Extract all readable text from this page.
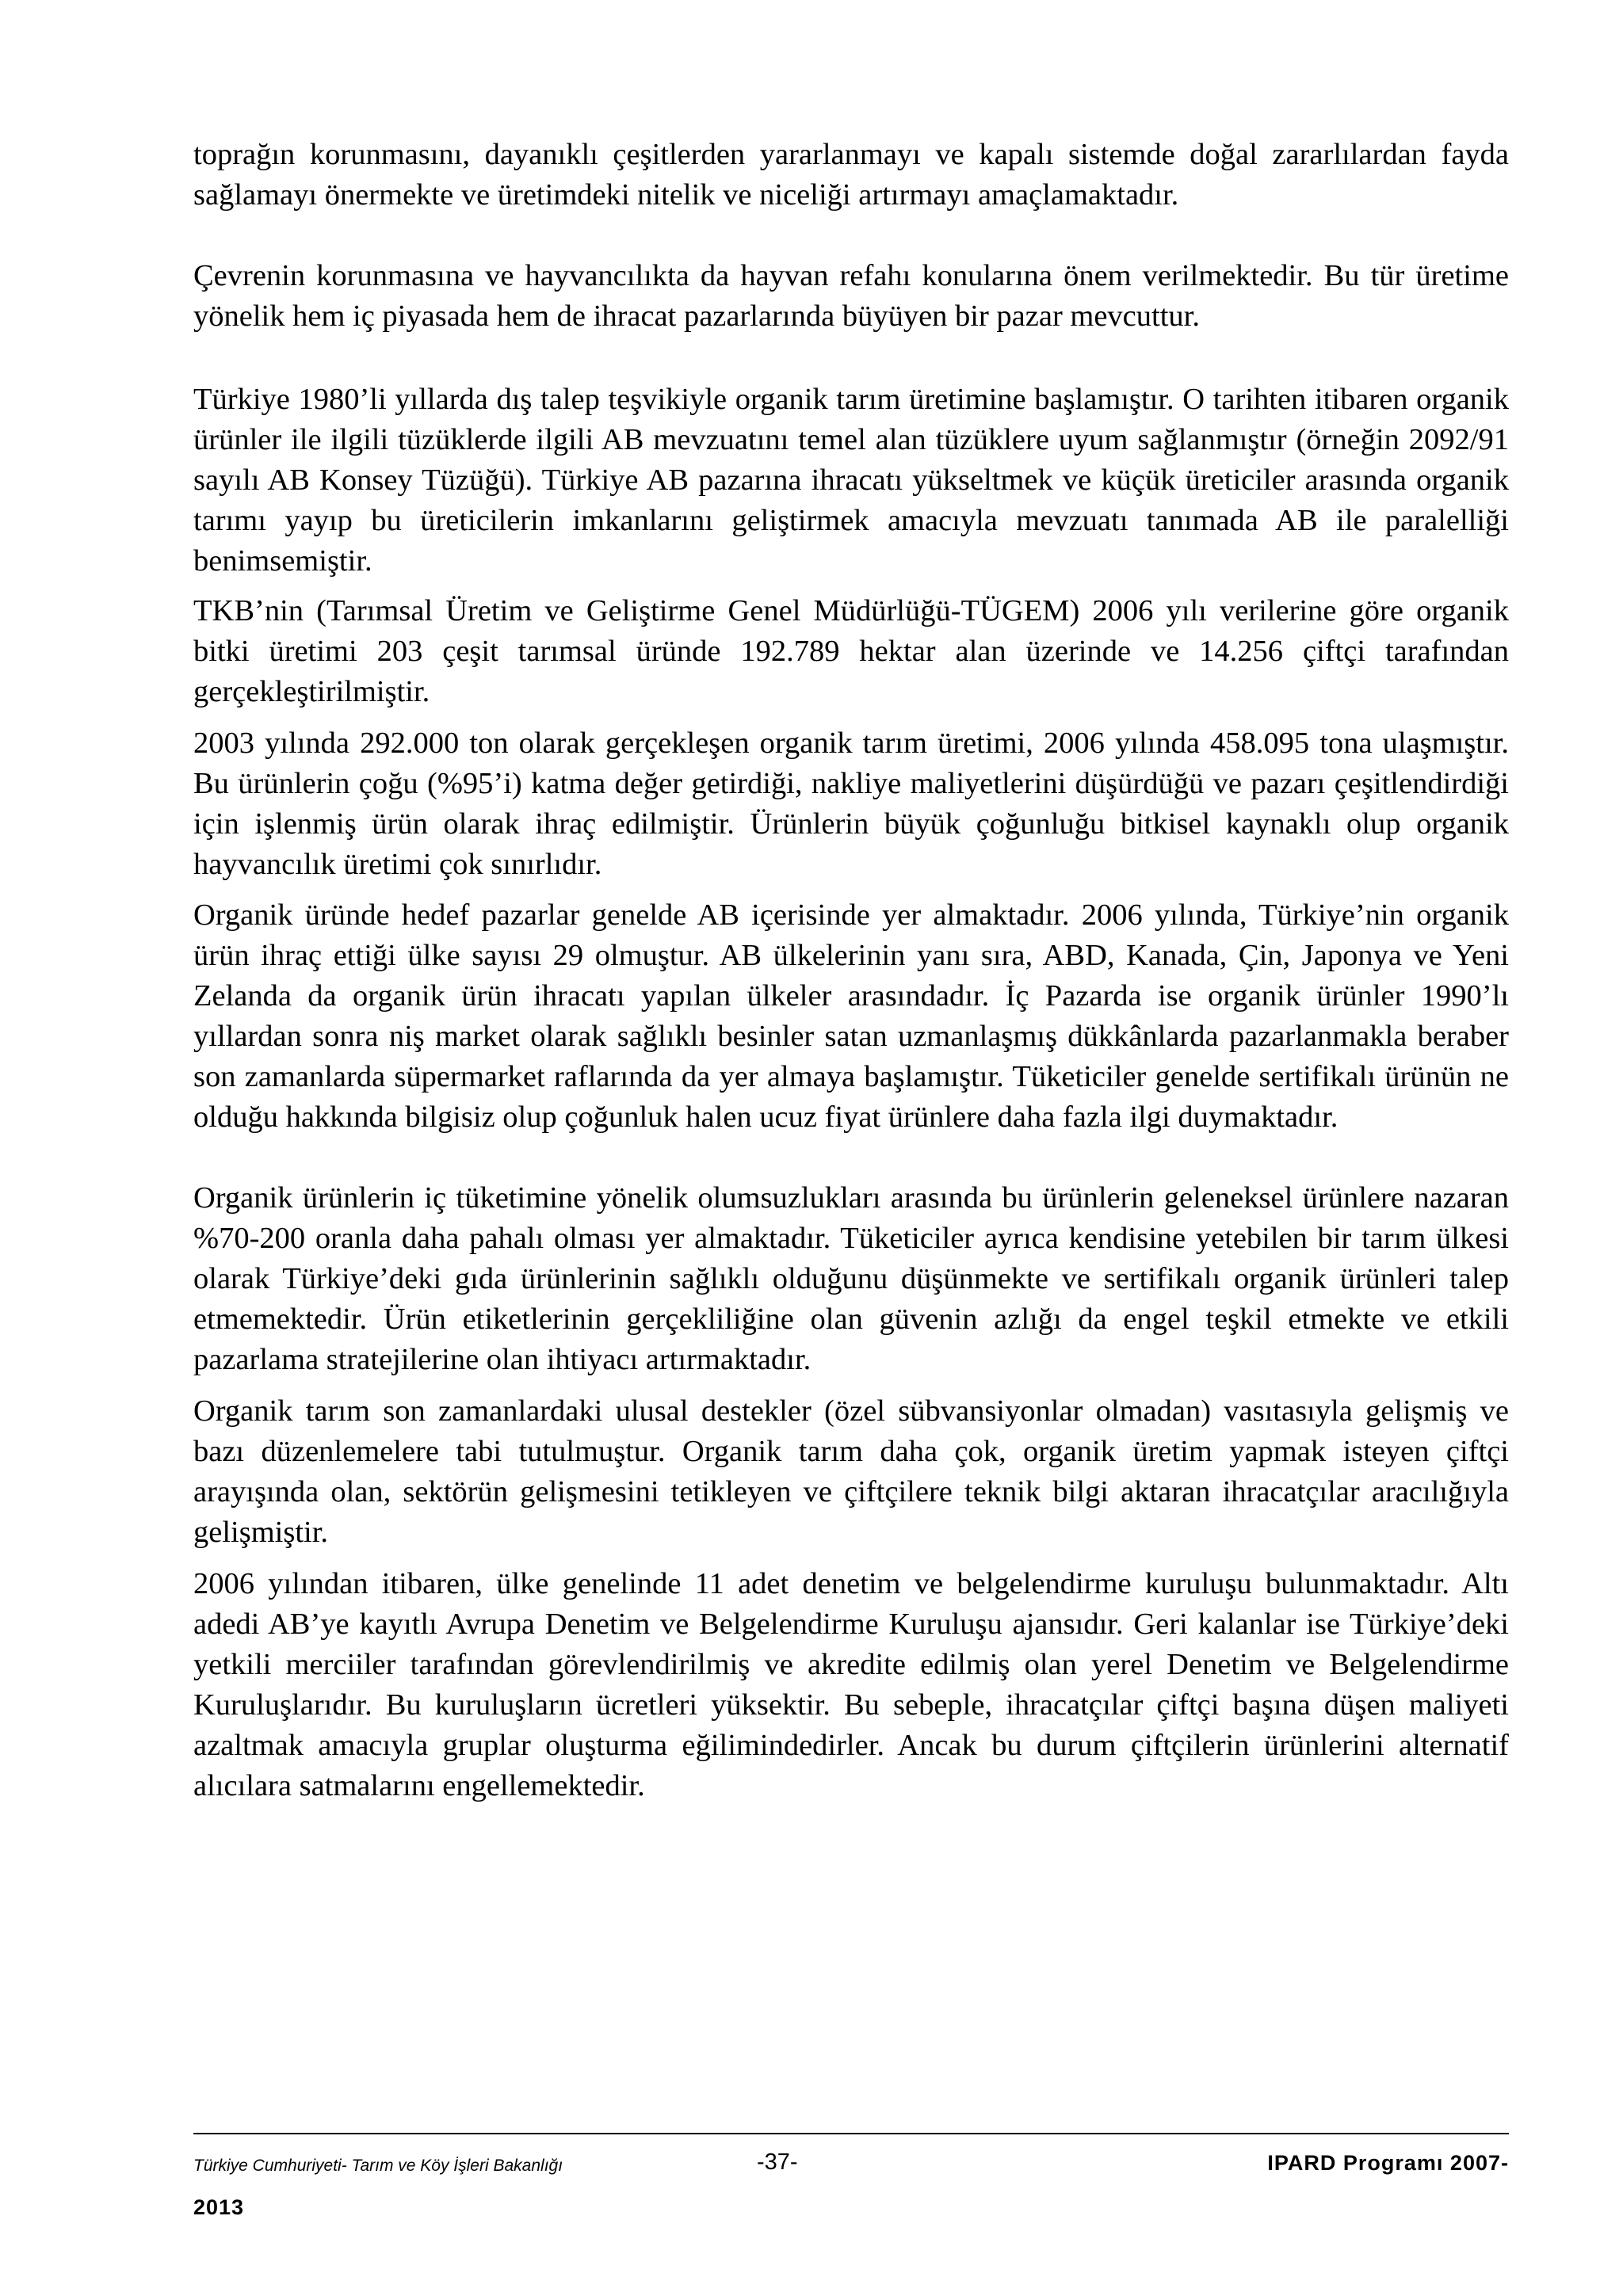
toprağın korunmasını, dayanıklı çeşitlerden yararlanmayı ve kapalı sistemde doğal zararlılardan fayda sağlamayı önermekte ve üretimdeki nitelik ve niceliği artırmayı amaçlamaktadır.

Çevrenin korunmasına ve hayvancılıkta da hayvan refahı konularına önem verilmektedir. Bu tür üretime yönelik hem iç piyasada hem de ihracat pazarlarında büyüyen bir pazar mevcuttur.

Türkiye 1980’li yıllarda dış talep teşvikiyle organik tarım üretimine başlamıştır. O tarihten itibaren organik ürünler ile ilgili tüzüklerde ilgili AB mevzuatını temel alan tüzüklere uyum sağlanmıştır (örneğin 2092/91 sayılı AB Konsey Tüzüğü). Türkiye AB pazarına ihracatı yükseltmek ve küçük üreticiler arasında organik tarımı yayıp bu üreticilerin imkanlarını geliştirmek amacıyla mevzuatı tanımada AB ile paralelliği benimsemiştir.

TKB’nin (Tarımsal Üretim ve Geliştirme Genel Müdürlüğü-TÜGEM) 2006 yılı verilerine göre organik bitki üretimi 203 çeşit tarımsal üründe 192.789 hektar alan üzerinde ve 14.256 çiftçi tarafından gerçekleştirilmiştir.

2003 yılında 292.000 ton olarak gerçekleşen organik tarım üretimi, 2006 yılında 458.095 tona ulaşmıştır. Bu ürünlerin çoğu (%95’i) katma değer getirdiği, nakliye maliyetlerini düşürdüğü ve pazarı çeşitlendirdiği için işlenmiş ürün olarak ihraç edilmiştir. Ürünlerin büyük çoğunluğu bitkisel kaynaklı olup organik hayvancılık üretimi çok sınırlıdır.

Organik üründe hedef pazarlar genelde AB içerisinde yer almaktadır. 2006 yılında, Türkiye’nin organik ürün ihraç ettiği ülke sayısı 29 olmuştur. AB ülkelerinin yanı sıra, ABD, Kanada, Çin, Japonya ve Yeni Zelanda da organik ürün ihracatı yapılan ülkeler arasındadır. İç Pazarda ise organik ürünler 1990’lı yıllardan sonra niş market olarak sağlıklı besinler satan uzmanlaşmış dükkânlarda pazarlanmakla beraber son zamanlarda süpermarket raflarında da yer almaya başlamıştır. Tüketiciler genelde sertifikalı ürünün ne olduğu hakkında bilgisiz olup çoğunluk halen ucuz fiyat ürünlere daha fazla ilgi duymaktadır.

Organik ürünlerin iç tüketimine yönelik olumsuzlukları arasında bu ürünlerin geleneksel ürünlere nazaran %70-200 oranla daha pahalı olması yer almaktadır. Tüketiciler ayrıca kendisine yetebilen bir tarım ülkesi olarak Türkiye’deki gıda ürünlerinin sağlıklı olduğunu düşünmekte ve sertifikalı organik ürünleri talep etmemektedir. Ürün etiketlerinin gerçekliliğine olan güvenin azlığı da engel teşkil etmekte ve etkili pazarlama stratejilerine olan ihtiyacı artırmaktadır.

Organik tarım son zamanlardaki ulusal destekler (özel sübvansiyonlar olmadan) vasıtasıyla gelişmiş ve bazı düzenlemelere tabi tutulmuştur. Organik tarım daha çok, organik üretim yapmak isteyen çiftçi arayışında olan, sektörün gelişmesini tetikleyen ve çiftçilere teknik bilgi aktaran ihracatçılar aracılığıyla gelişmiştir.

2006 yılından itibaren, ülke genelinde 11 adet denetim ve belgelendirme kuruluşu bulunmaktadır. Altı adedi AB’ye kayıtlı Avrupa Denetim ve Belgelendirme Kuruluşu ajansıdır. Geri kalanlar ise Türkiye’deki yetkili merciiler tarafından görevlendirilmiş ve akredite edilmiş olan yerel Denetim ve Belgelendirme Kuruluşlarıdır. Bu kuruluşların ücretleri yüksektir. Bu sebeple, ihracatçılar çiftçi başına düşen maliyeti azaltmak amacıyla gruplar oluşturma eğilimindedirler. Ancak bu durum çiftçilerin ürünlerini alternatif alıcılara satmalarını engellemektedir.

Türkiye Cumhuriyeti- Tarım ve Köy İşleri Bakanlığı	-37-	IPARD Programı 2007-
2013
